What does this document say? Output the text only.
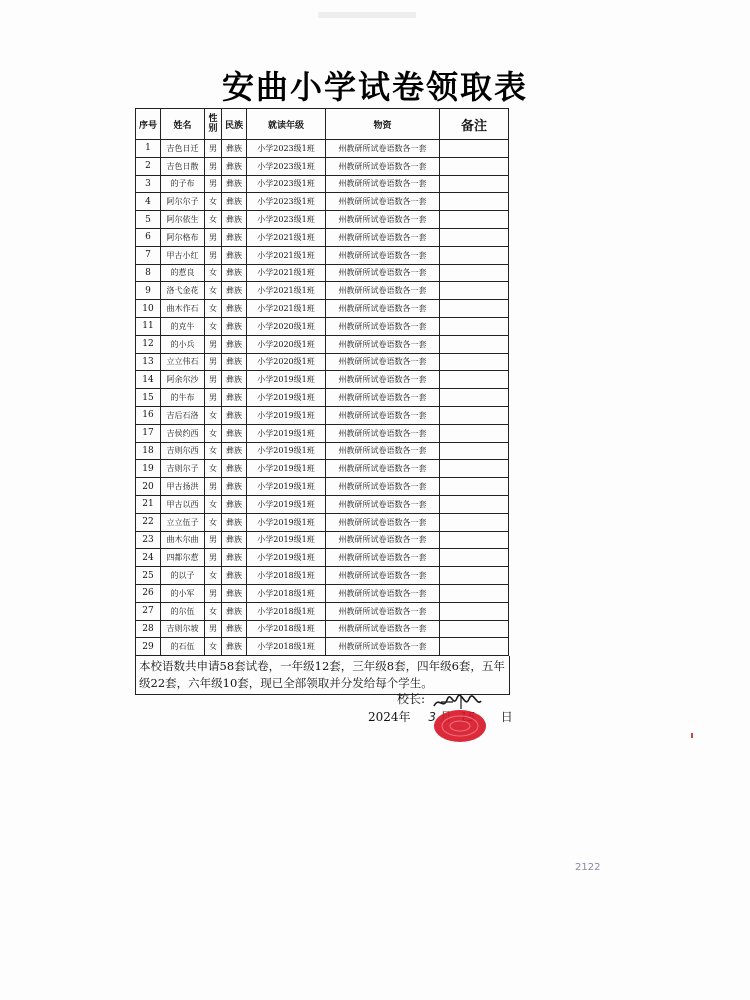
安曲小学试卷领取表
序号	姓名	性别	民族	就读年级	物资	备注
1	吉色日迁	男	彝族	小学2023级1班	州教研所试卷语数各一套	
2	吉色日散	男	彝族	小学2023级1班	州教研所试卷语数各一套	
3	的子布	男	彝族	小学2023级1班	州教研所试卷语数各一套	
4	阿尔尔子	女	彝族	小学2023级1班	州教研所试卷语数各一套	
5	阿尔依生	女	彝族	小学2023级1班	州教研所试卷语数各一套	
6	阿尔格布	男	彝族	小学2021级1班	州教研所试卷语数各一套	
7	甲古小红	男	彝族	小学2021级1班	州教研所试卷语数各一套	
8	的惹良	女	彝族	小学2021级1班	州教研所试卷语数各一套	
9	洛弋金花	女	彝族	小学2021级1班	州教研所试卷语数各一套	
10	曲木作石	女	彝族	小学2021级1班	州教研所试卷语数各一套	
11	的克牛	女	彝族	小学2020级1班	州教研所试卷语数各一套	
12	的小兵	男	彝族	小学2020级1班	州教研所试卷语数各一套	
13	立立伟石	男	彝族	小学2020级1班	州教研所试卷语数各一套	
14	阿余尔沙	男	彝族	小学2019级1班	州教研所试卷语数各一套	
15	的牛布	男	彝族	小学2019级1班	州教研所试卷语数各一套	
16	吉后石洛	女	彝族	小学2019级1班	州教研所试卷语数各一套	
17	吉侯约西	女	彝族	小学2019级1班	州教研所试卷语数各一套	
18	吉则尔西	女	彝族	小学2019级1班	州教研所试卷语数各一套	
19	吉则尔子	女	彝族	小学2019级1班	州教研所试卷语数各一套	
20	甲古扬洪	男	彝族	小学2019级1班	州教研所试卷语数各一套	
21	甲古以西	女	彝族	小学2019级1班	州教研所试卷语数各一套	
22	立立伍子	女	彝族	小学2019级1班	州教研所试卷语数各一套	
23	曲木尔曲	男	彝族	小学2019级1班	州教研所试卷语数各一套	
24	四都尔惹	男	彝族	小学2019级1班	州教研所试卷语数各一套	
25	的以子	女	彝族	小学2018级1班	州教研所试卷语数各一套	
26	的小军	男	彝族	小学2018级1班	州教研所试卷语数各一套	
27	的尔伍	女	彝族	小学2018级1班	州教研所试卷语数各一套	
28	吉则尔坡	男	彝族	小学2018级1班	州教研所试卷语数各一套	
29	的石伍	女	彝族	小学2018级1班	州教研所试卷语数各一套	
本校语数共申请58套试卷，一年级12套，三年级8套，四年级6套，五年级22套，六年级10套，现已全部领取并分发给每个学生。
校长:
2024年 3	日
2122
